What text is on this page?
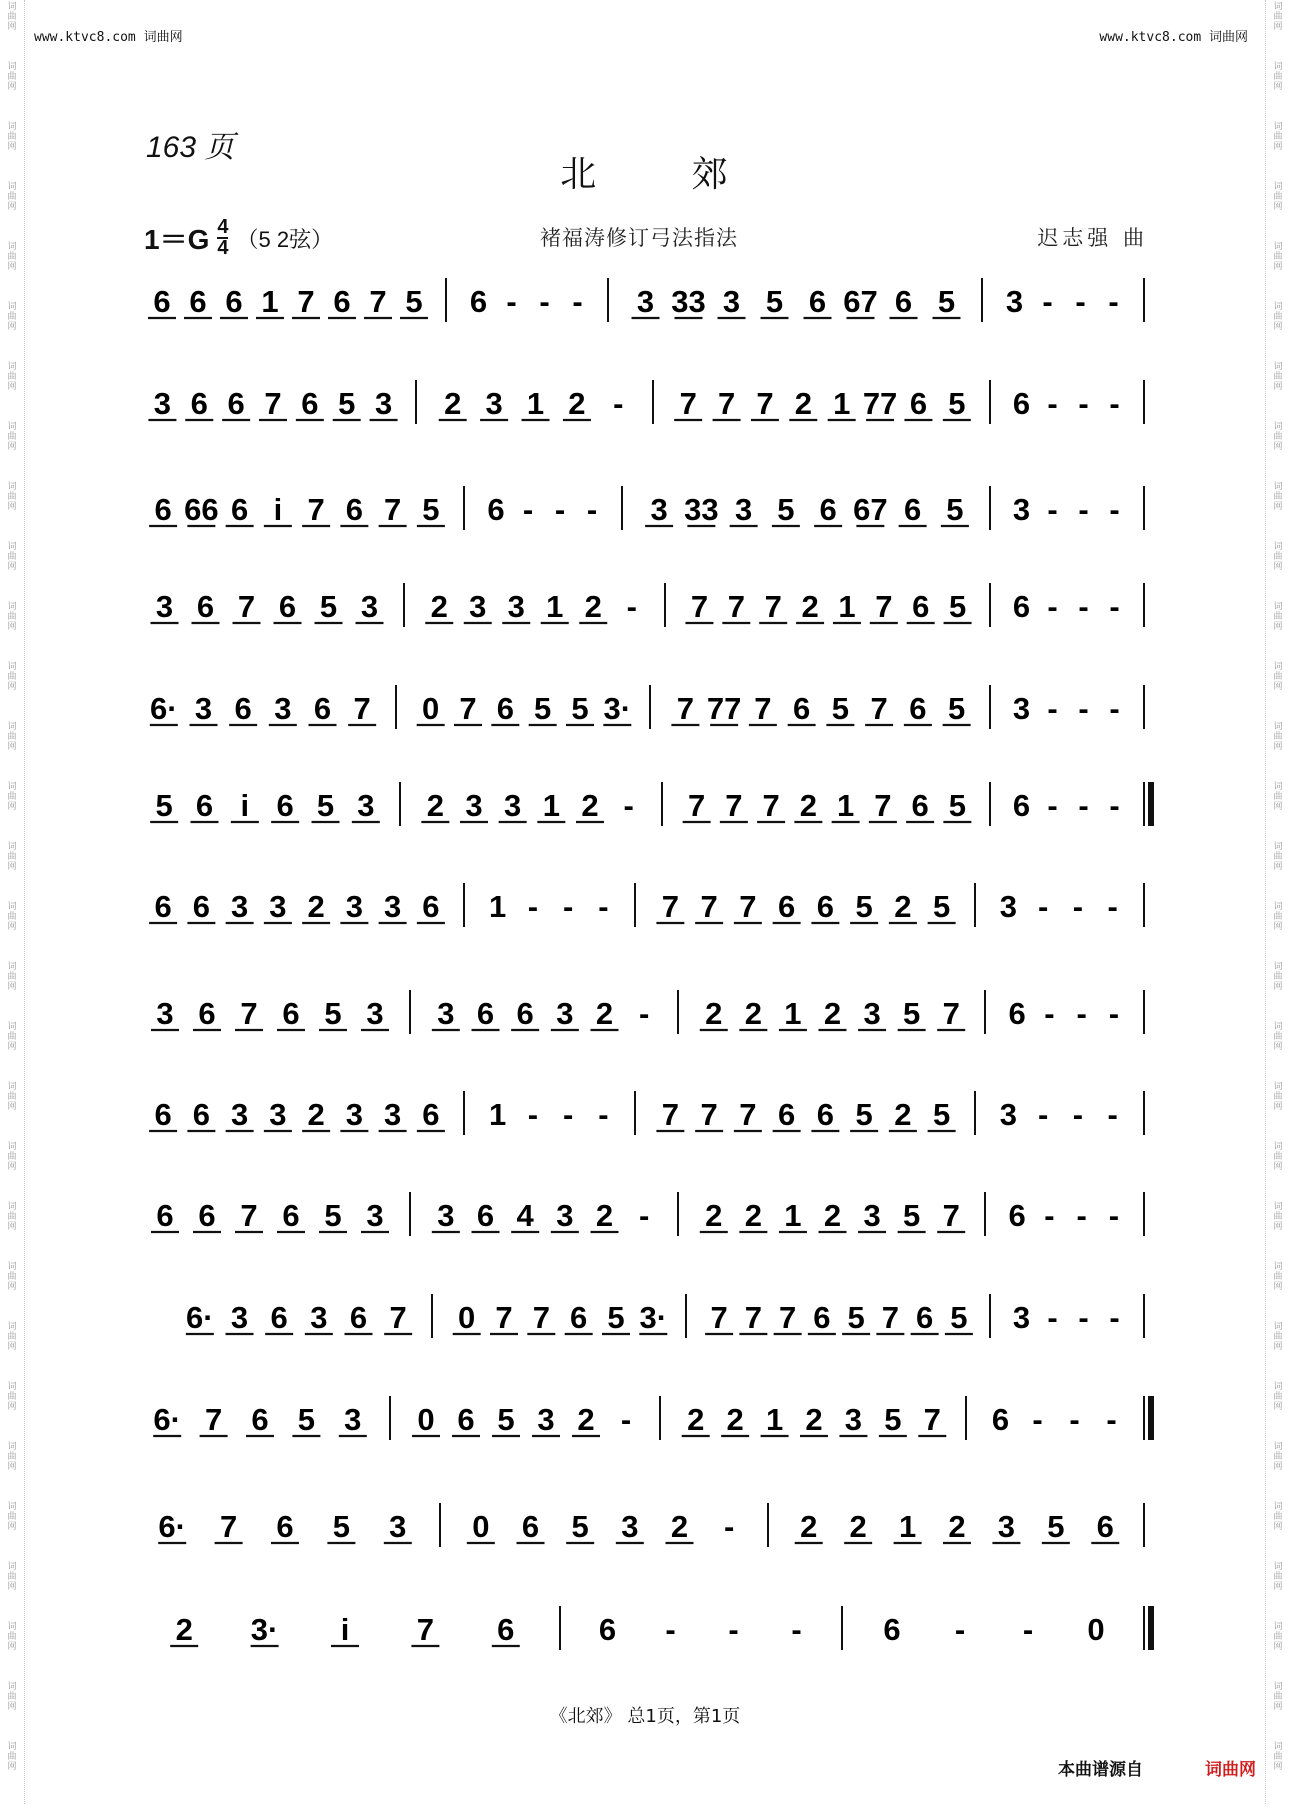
词
曲
网
词
曲
网
词
曲
网
词
曲
网
词
曲
网
词
曲
网
词
曲
网
词
曲
网
词
曲
网
词
曲
网
词
曲
网
词
曲
网
词
曲
网
词
曲
网
词
曲
网
词
曲
网
词
曲
网
词
曲
网
词
曲
网
词
曲
网
词
曲
网
词
曲
网
词
曲
网
词
曲
网
词
曲
网
词
曲
网
词
曲
网
词
曲
网
词
曲
网
词
曲
网
词
曲
网
词
曲
网
词
曲
网
词
曲
网
词
曲
网
词
曲
网
词
曲
网
词
曲
网
词
曲
网
词
曲
网
词
曲
网
词
曲
网
词
曲
网
词
曲
网
词
曲
网
词
曲
网
词
曲
网
词
曲
网
词
曲
网
词
曲
网
词
曲
网
词
曲
网
词
曲
网
词
曲
网
词
曲
网
词
曲
网
词
曲
网
词
曲
网
词
曲
网
词
曲
网
www.ktvc8.com 词曲网	www.ktvc8.com 词曲网
163 页
北 郊
$1=G \frac{4}{4} (5$ 2弦）	褚福涛修订弓法指法	迟志强 曲
6 6 6 1 7 6 7 5 6 - - - 3 33 3 5 6 67 6 5 3 - - -
3 6 6 7 6 5 3 2 3 1 2 - 7 7 7 2 1 77 6 5 6 - - -
6 66 6 i 7 6 7 5 6 - - - 3 33 3 5 6 67 6 5 3 - - -
3 6 7 6 5 3 2 3 3 1 2 - 7 7 7 2 1 7 6 5 6 - - -
6· 3 6 3 6 7 0 7 6 5 5 3· 7 77 7 6 5 7 6 5 3 - - -
5 6 i 6 5 3 2 3 3 1 2 - 7 7 7 2 1 7 6 5 6 - - -
6 6 3 3 2 3 3 6 1 - - - 7 7 7 6 6 5 2 5 3 - - -
3 6 7 6 5 3 3 6 6 3 2 - 2 2 1 2 3 5 7 6 - - -
6 6 3 3 2 3 3 6 1 - - - 7 7 7 6 6 5 2 5 3 - - -
6 6 7 6 5 3 3 6 4 3 2 - 2 2 1 2 3 5 7 6 - - -
6· 3 6 3 6 7 0 7 7 6 5 3· 7 7 7 6 5 7 6 5 3 - - -
6· 7 6 5 3 0 6 5 3 2 - 2 2 1 2 3 5 7 6 - - -
6· 7 6 5 3 0 6 5 3 2 - 2 2 1 2 3 5 6
2 3· i 7 6	6 - - -	6 - - 0
《北郊》 总1页，第1页
本曲谱源自	词曲网
